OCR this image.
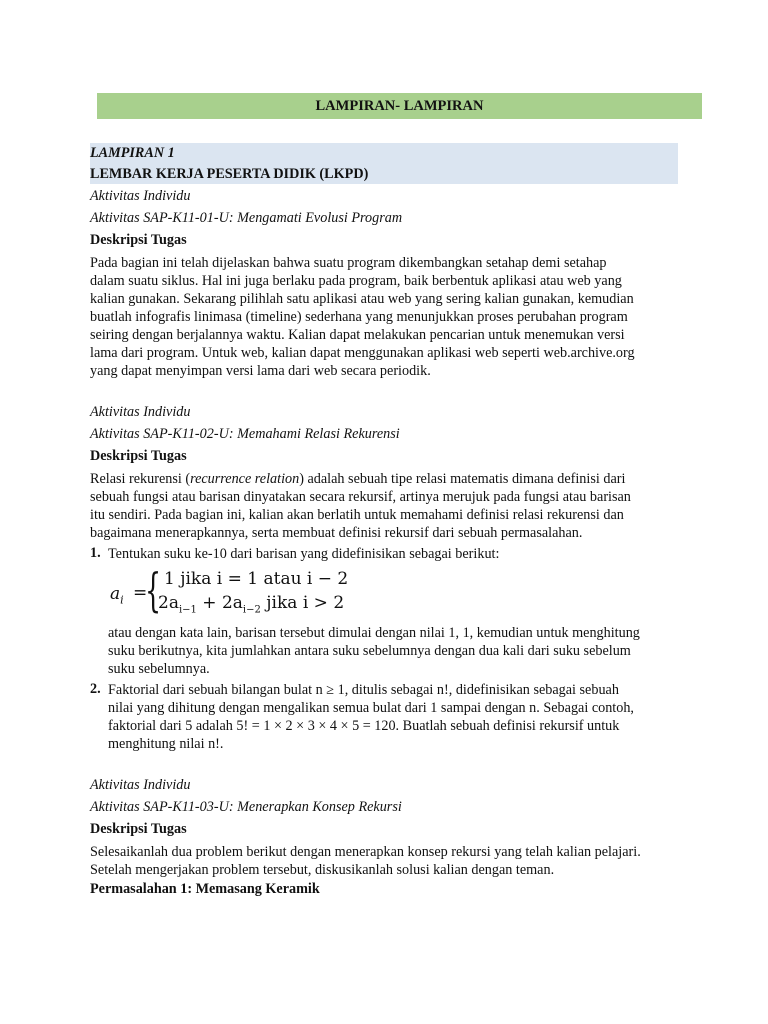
LAMPIRAN- LAMPIRAN
LAMPIRAN 1
LEMBAR KERJA PESERTA DIDIK (LKPD)
Aktivitas Individu
Aktivitas SAP-K11-01-U: Mengamati Evolusi Program
Deskripsi Tugas
Pada bagian ini telah dijelaskan bahwa suatu program dikembangkan setahap demi setahap
dalam suatu siklus. Hal ini juga berlaku pada program, baik berbentuk aplikasi atau web yang
kalian gunakan. Sekarang pilihlah satu aplikasi atau web yang sering kalian gunakan, kemudian
buatlah infografis linimasa (timeline) sederhana yang menunjukkan proses perubahan program
seiring dengan berjalannya waktu. Kalian dapat melakukan pencarian untuk menemukan versi
lama dari program. Untuk web, kalian dapat menggunakan aplikasi web seperti web.archive.org
yang dapat menyimpan versi lama dari web secara periodik.
Aktivitas Individu
Aktivitas SAP-K11-02-U: Memahami Relasi Rekurensi
Deskripsi Tugas
Relasi rekurensi (recurrence relation) adalah sebuah tipe relasi matematis dimana definisi dari
sebuah fungsi atau barisan dinyatakan secara rekursif, artinya merujuk pada fungsi atau barisan
itu sendiri. Pada bagian ini, kalian akan berlatih untuk memahami definisi relasi rekurensi dan
bagaimana menerapkannya, serta membuat definisi rekursif dari sebuah permasalahan.
1. Tentukan suku ke-10 dari barisan yang didefinisikan sebagai berikut:
$a_i$ =
{ 1 jika i = 1 atau i − 2
$2a_{i-1} + 2a_{i-2}$ jika i > 2
atau dengan kata lain, barisan tersebut dimulai dengan nilai 1, 1, kemudian untuk menghitung
suku berikutnya, kita jumlahkan antara suku sebelumnya dengan dua kali dari suku sebelum
suku sebelumnya.
2. Faktorial dari sebuah bilangan bulat n ≥ 1, ditulis sebagai n!, didefinisikan sebagai sebuah
nilai yang dihitung dengan mengalikan semua bulat dari 1 sampai dengan n. Sebagai contoh,
faktorial dari 5 adalah 5! = 1 × 2 × 3 × 4 × 5 = 120. Buatlah sebuah definisi rekursif untuk
menghitung nilai n!.
Aktivitas Individu
Aktivitas SAP-K11-03-U: Menerapkan Konsep Rekursi
Deskripsi Tugas
Selesaikanlah dua problem berikut dengan menerapkan konsep rekursi yang telah kalian pelajari.
Setelah mengerjakan problem tersebut, diskusikanlah solusi kalian dengan teman.
Permasalahan 1: Memasang Keramik
